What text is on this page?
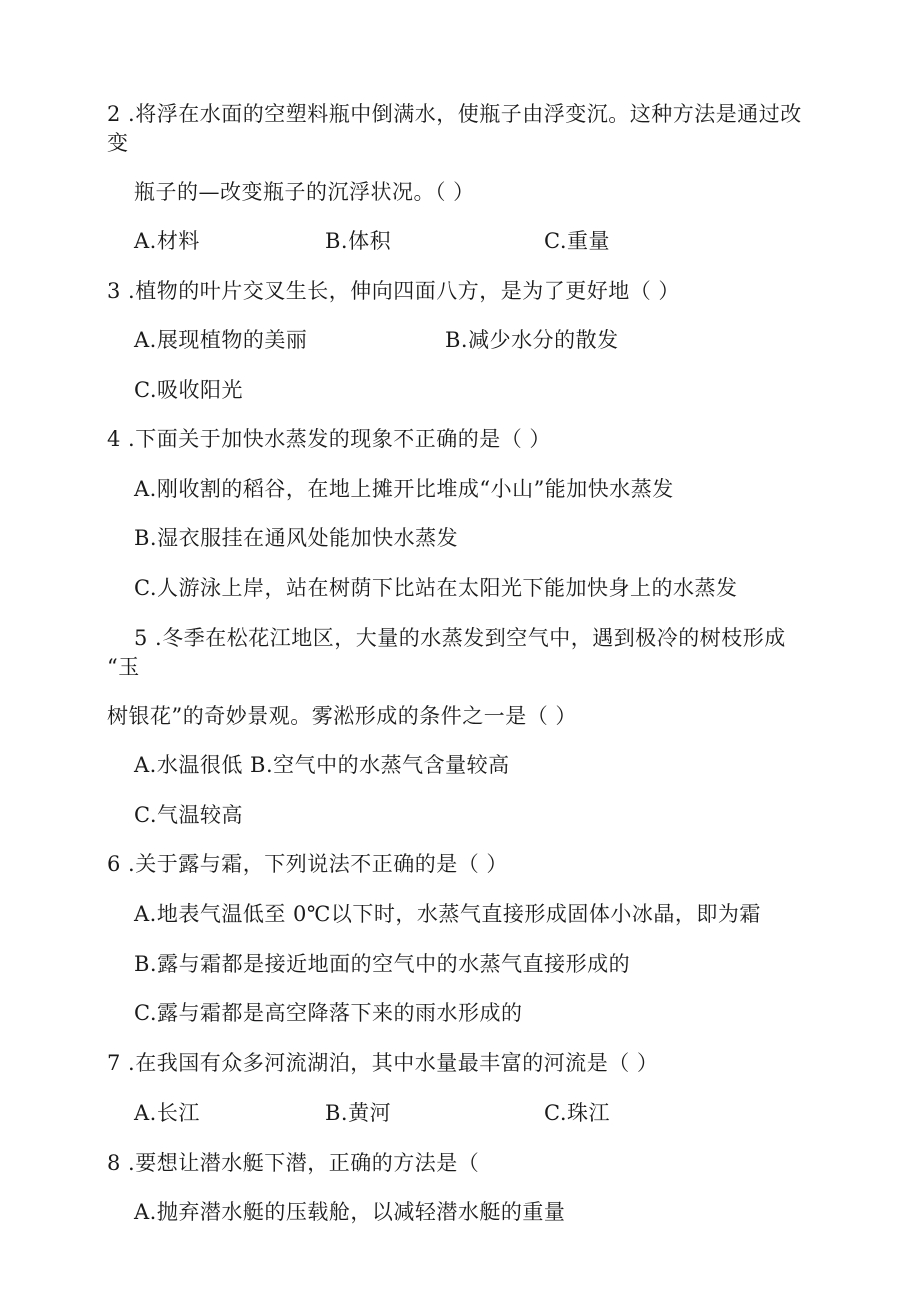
2 .将浮在水面的空塑料瓶中倒满水，使瓶子由浮变沉。这种方法是通过改
变
瓶子的—改变瓶子的沉浮状况。（ ）
A.材料	B.体积	C.重量
3 .植物的叶片交叉生长，伸向四面八方，是为了更好地（ ）
A.展现植物的美丽	B.减少水分的散发
C.吸收阳光
4 .下面关于加快水蒸发的现象不正确的是（ ）
A.刚收割的稻谷，在地上摊开比堆成“小山”能加快水蒸发
B.湿衣服挂在通风处能加快水蒸发
C.人游泳上岸，站在树荫下比站在太阳光下能加快身上的水蒸发
5 .冬季在松花江地区，大量的水蒸发到空气中，遇到极冷的树枝形成
“玉
树银花”的奇妙景观。雾淞形成的条件之一是（ ）
A.水温很低 B.空气中的水蒸气含量较高
C.气温较高
6 .关于露与霜，下列说法不正确的是（ ）
A.地表气温低至 0℃以下时，水蒸气直接形成固体小冰晶，即为霜
B.露与霜都是接近地面的空气中的水蒸气直接形成的
C.露与霜都是高空降落下来的雨水形成的
7 .在我国有众多河流湖泊，其中水量最丰富的河流是（ ）
A.长江	B.黄河	C.珠江
8 .要想让潜水艇下潜，正确的方法是（
A.抛弃潜水艇的压载舱，以减轻潜水艇的重量
